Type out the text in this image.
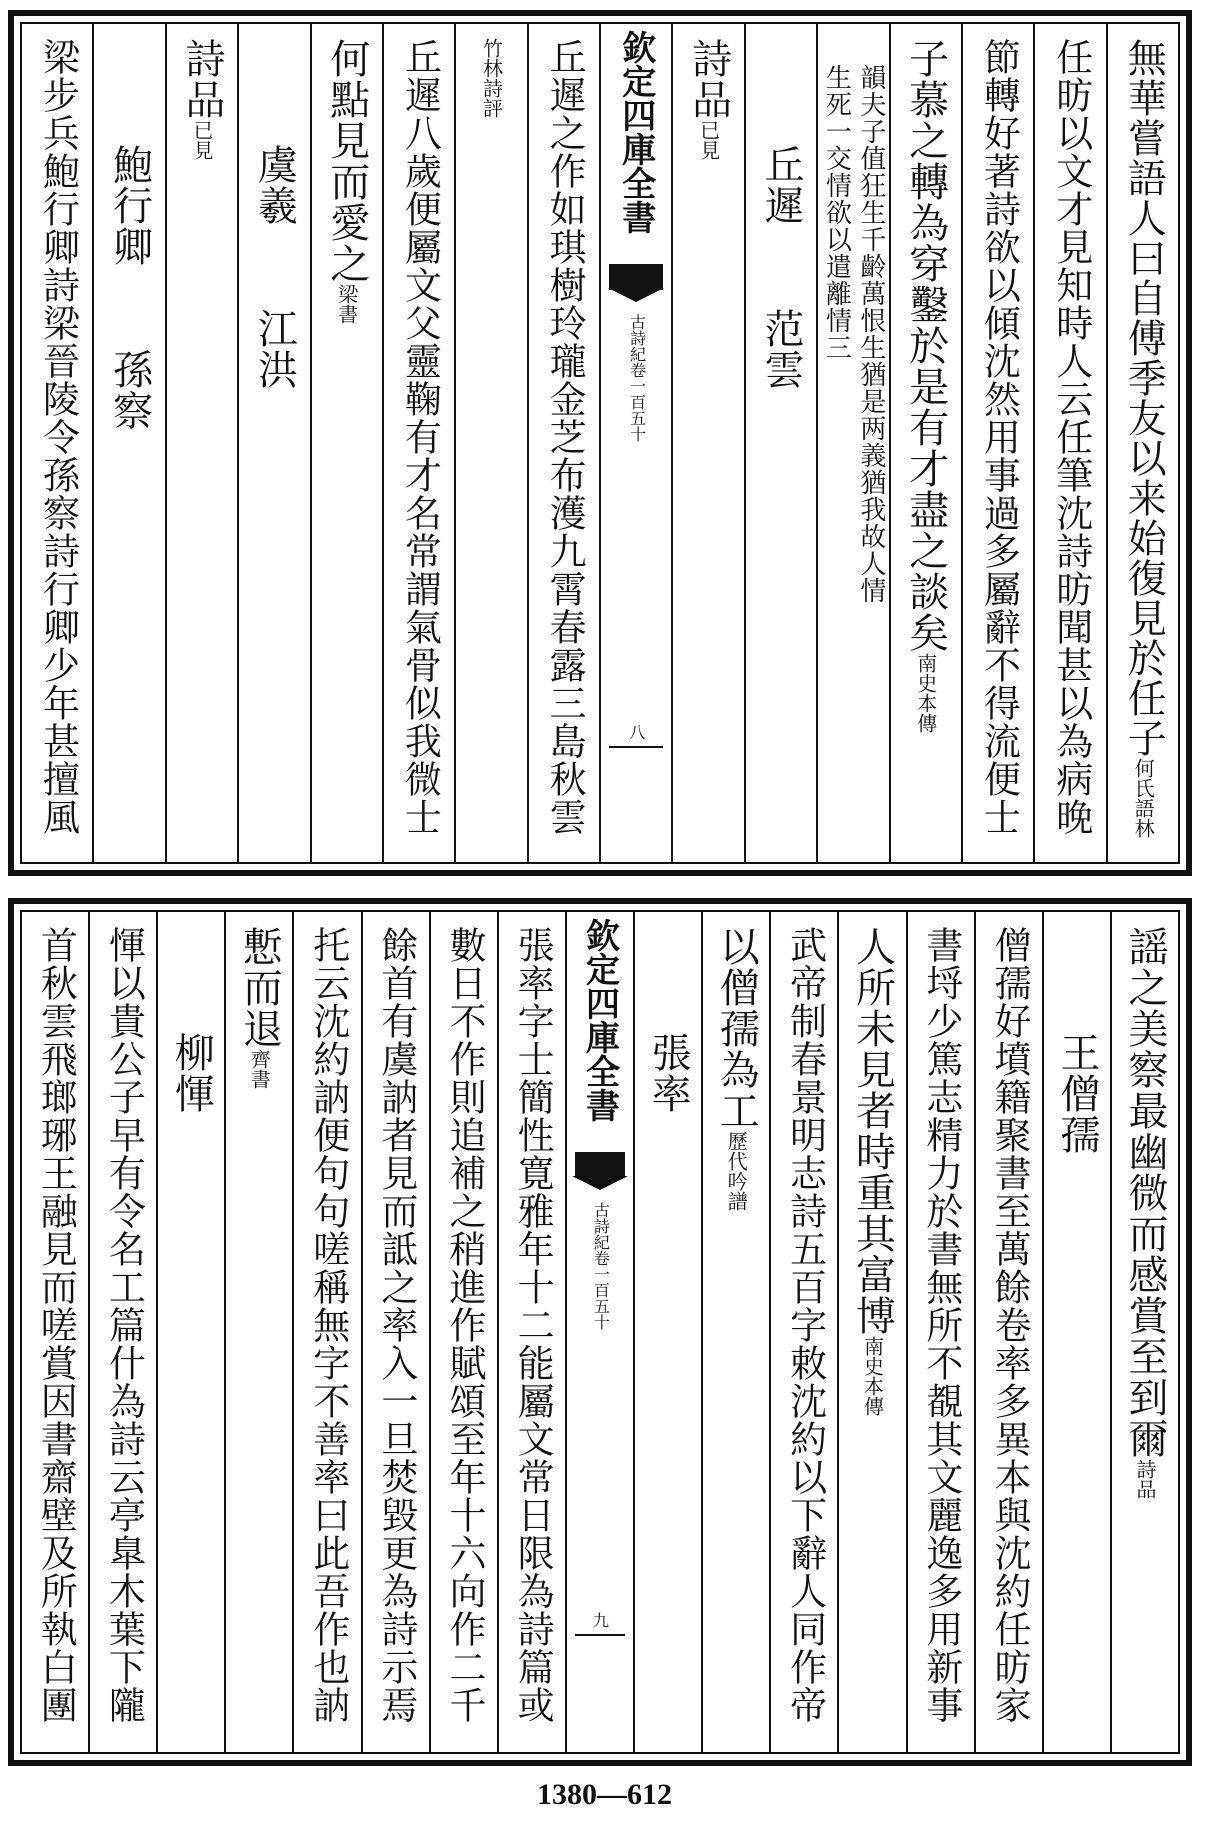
無華嘗語人曰自傅季友以来始復見於任子何氏語林
任昉以文才見知時人云任筆沈詩昉聞甚以為病晚
節轉好著詩欲以傾沈然用事過多屬辭不得流便士
子慕之轉為穿鑿於是有才盡之談矣南史本傳
韻夫子值狂生千齡萬恨生猶是两義猶我故人情
生死一交情欲以遣離情三
丘遲　　范雲
詩品已見
欽定四庫全書
古詩紀卷一百五十
八
丘遲之作如琪樹玲瓏金芝布濩九霄春露三島秋雲
竹林詩評
丘遲八歲便屬文父靈鞠有才名常謂氣骨似我微士
何點見而愛之梁書
虞羲　　江洪
詩品已見
鮑行卿　　孫察
梁步兵鮑行卿詩梁晉陵令孫察詩行卿少年甚擅風
謡之美察最幽微而感賞至到爾詩品
王僧孺
僧孺好墳籍聚書至萬餘卷率多異本與沈約任昉家
書埒少篤志精力於書無所不覩其文麗逸多用新事
人所未見者時重其富博南史本傳
武帝制春景明志詩五百字敕沈約以下辭人同作帝
以僧孺為工歷代吟譜
張率
欽定四庫全書
古詩紀卷一百五十
九
張率字士簡性寛雅年十二能屬文常日限為詩篇或
數日不作則追補之稍進作賦頌至年十六向作二千
餘首有虞訥者見而詆之率入一旦焚毀更為詩示焉
托云沈約訥便句句嗟稱無字不善率曰此吾作也訥
慙而退齊書
柳惲
惲以貴公子早有令名工篇什為詩云亭臯木葉下隴
首秋雲飛瑯琊王融見而嗟賞因書齋壁及所執白團
1380—612
